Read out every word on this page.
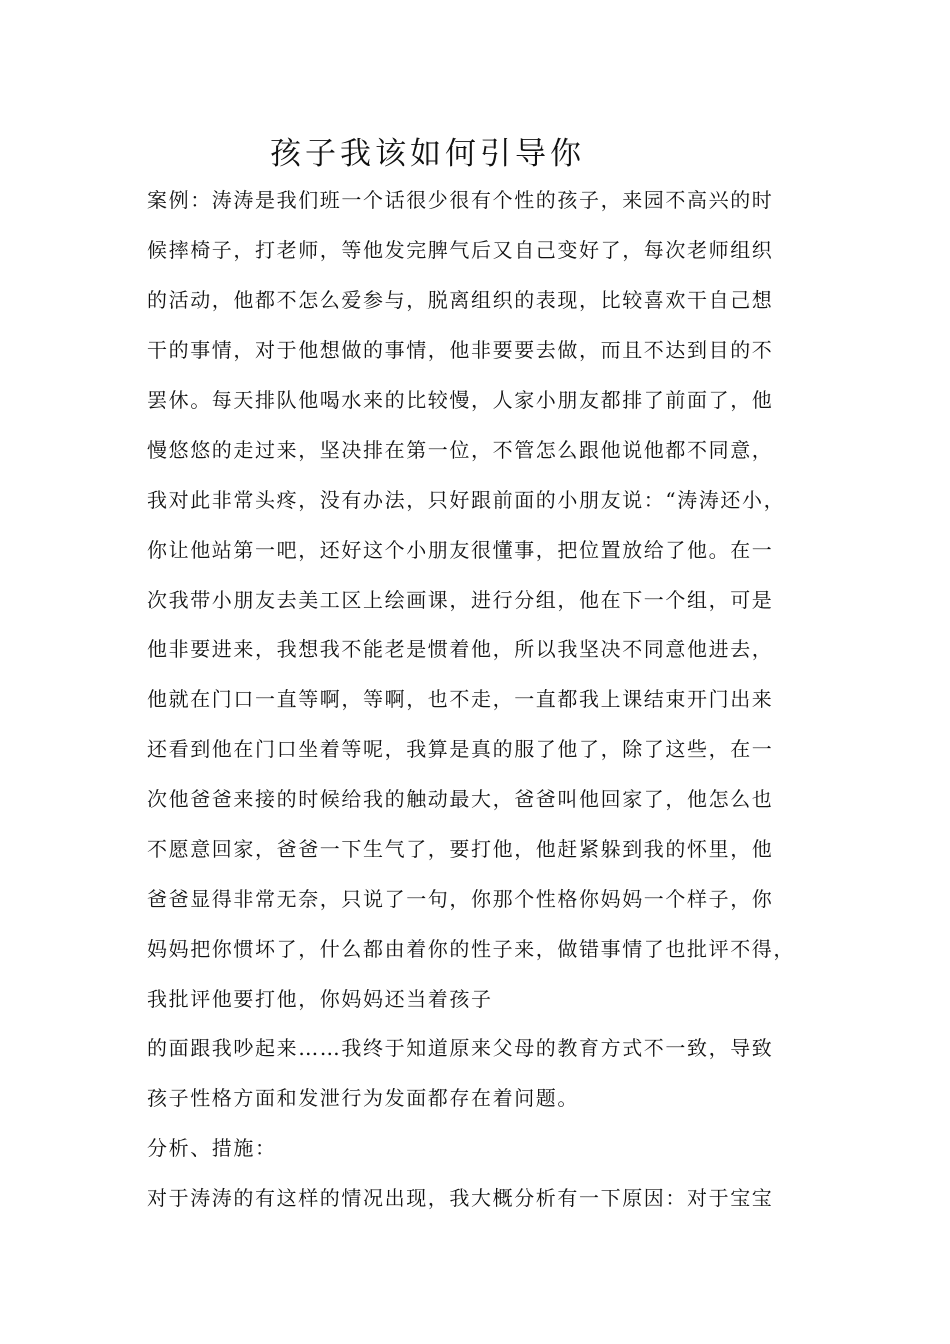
孩子我该如何引导你
案例：涛涛是我们班一个话很少很有个性的孩子，来园不高兴的时
候摔椅子，打老师，等他发完脾气后又自己变好了，每次老师组织
的活动，他都不怎么爱参与，脱离组织的表现，比较喜欢干自己想
干的事情，对于他想做的事情，他非要要去做，而且不达到目的不
罢休。每天排队他喝水来的比较慢，人家小朋友都排了前面了，他
慢悠悠的走过来，坚决排在第一位，不管怎么跟他说他都不同意，
我对此非常头疼，没有办法，只好跟前面的小朋友说：“涛涛还小，
你让他站第一吧，还好这个小朋友很懂事，把位置放给了他。在一
次我带小朋友去美工区上绘画课，进行分组，他在下一个组，可是
他非要进来，我想我不能老是惯着他，所以我坚决不同意他进去，
他就在门口一直等啊，等啊，也不走，一直都我上课结束开门出来
还看到他在门口坐着等呢，我算是真的服了他了，除了这些，在一
次他爸爸来接的时候给我的触动最大，爸爸叫他回家了，他怎么也
不愿意回家，爸爸一下生气了，要打他，他赶紧躲到我的怀里，他
爸爸显得非常无奈，只说了一句，你那个性格你妈妈一个样子，你
妈妈把你惯坏了，什么都由着你的性子来，做错事情了也批评不得，
我批评他要打他，你妈妈还当着孩子
的面跟我吵起来……我终于知道原来父母的教育方式不一致，导致
孩子性格方面和发泄行为发面都存在着问题。
分析、措施：
对于涛涛的有这样的情况出现，我大概分析有一下原因：对于宝宝
